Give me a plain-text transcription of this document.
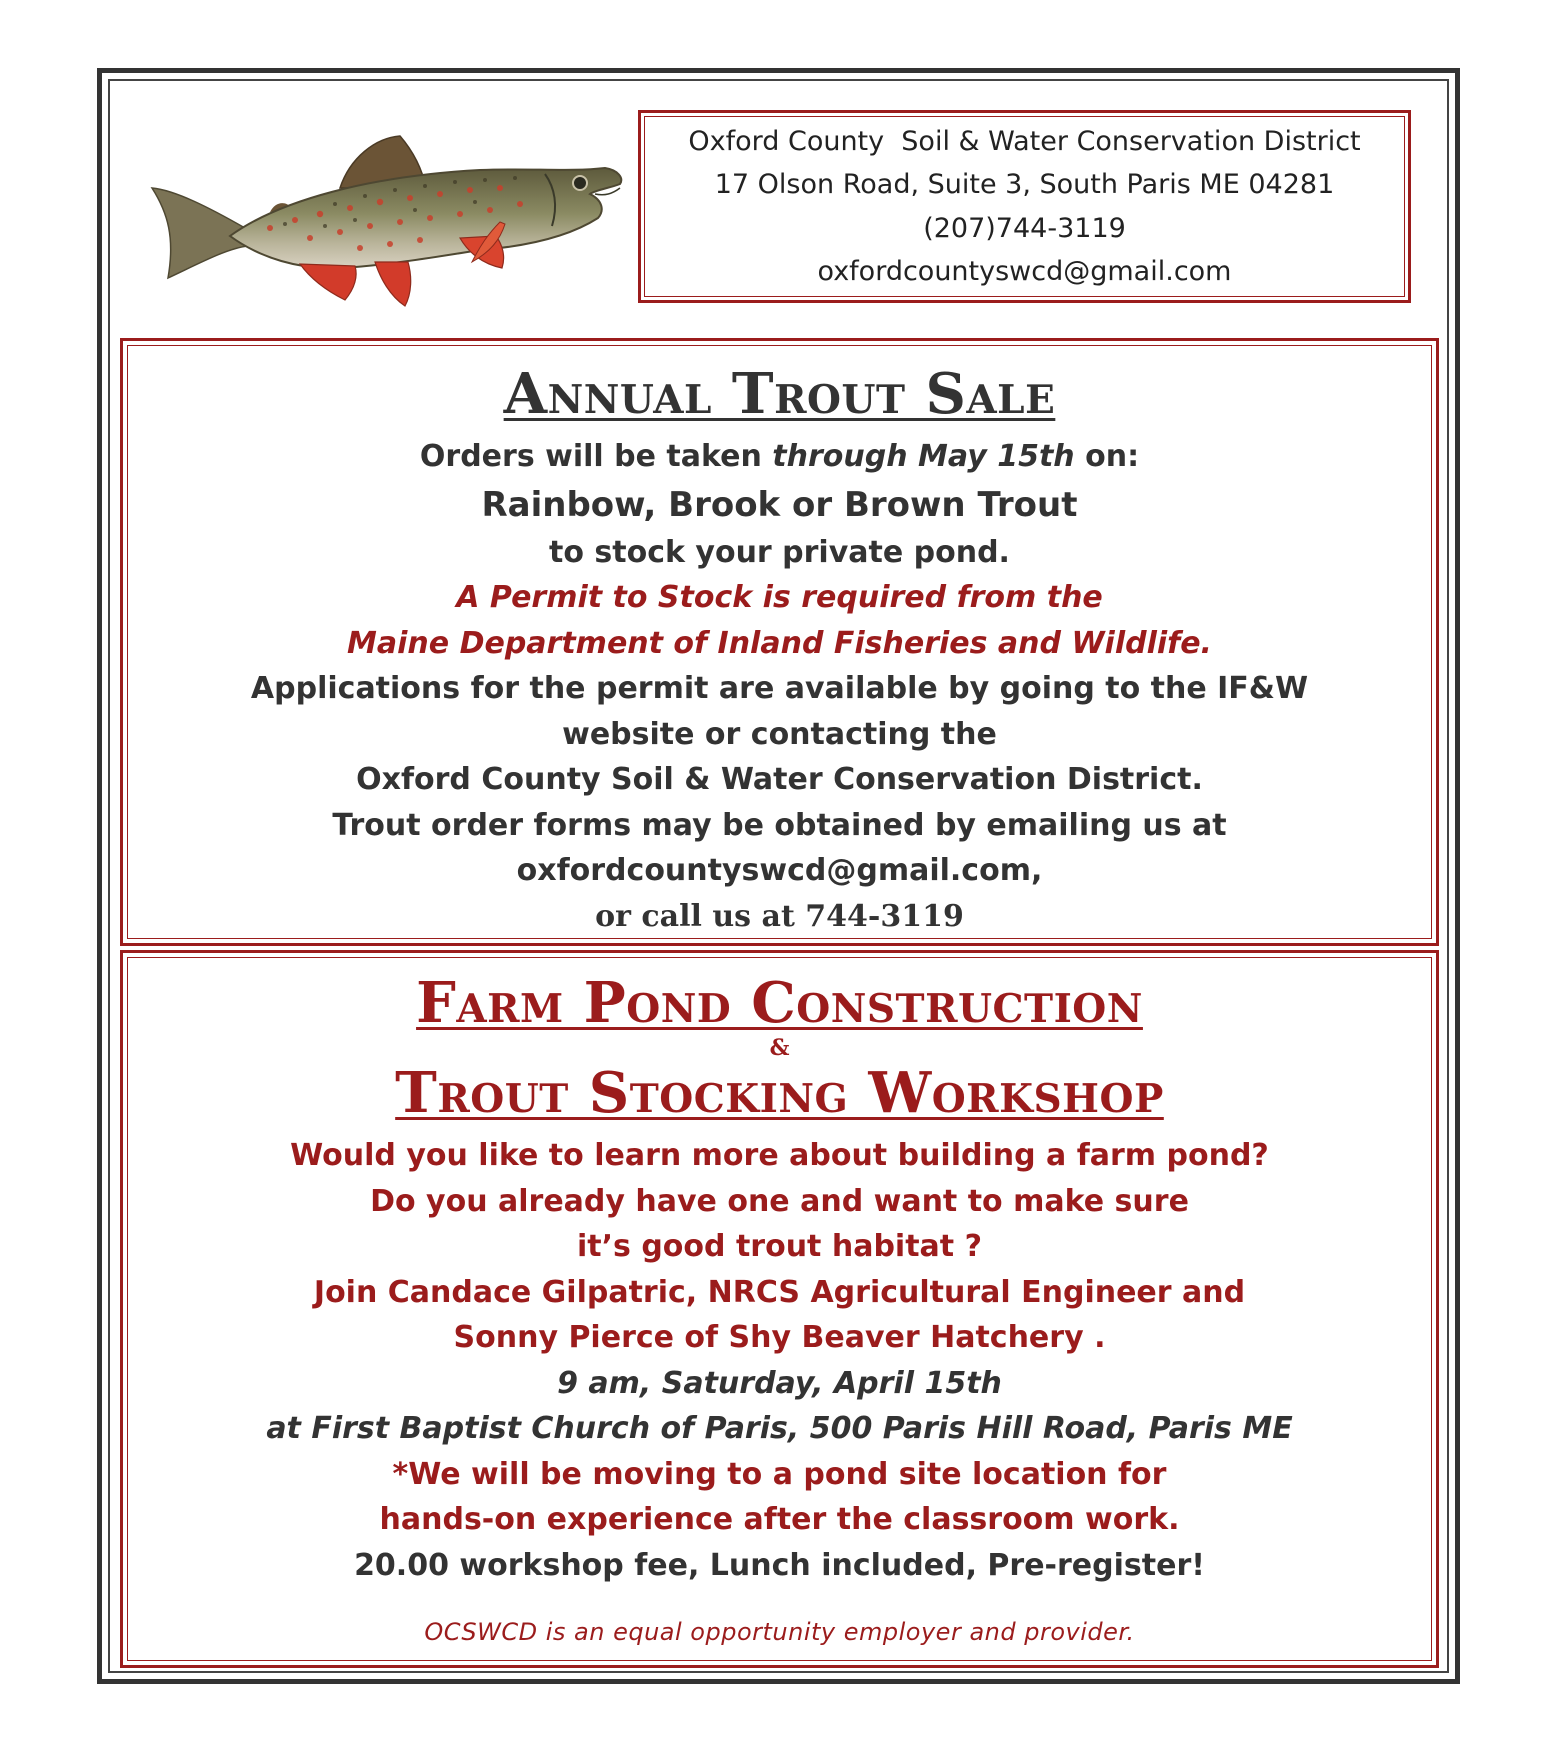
Oxford County  Soil & Water Conservation District
17 Olson Road, Suite 3, South Paris ME 04281
(207)744-3119
oxfordcountyswcd@gmail.com
Annual Trout Sale
Orders will be taken through May 15th on:
Rainbow, Brook or Brown Trout
to stock your private pond.
A Permit to Stock is required from the
Maine Department of Inland Fisheries and Wildlife.
Applications for the permit are available by going to the IF&W
website or contacting the
Oxford County Soil & Water Conservation District.
Trout order forms may be obtained by emailing us at
oxfordcountyswcd@gmail.com,
or call us at 744-3119
Farm Pond Construction
&
Trout Stocking Workshop
Would you like to learn more about building a farm pond?
Do you already have one and want to make sure
it’s good trout habitat ?
Join Candace Gilpatric, NRCS Agricultural Engineer and
Sonny Pierce of Shy Beaver Hatchery .
9 am, Saturday, April 15th
at First Baptist Church of Paris, 500 Paris Hill Road, Paris ME
*We will be moving to a pond site location for
hands-on experience after the classroom work.
20.00 workshop fee, Lunch included, Pre-register!
OCSWCD is an equal opportunity employer and provider.
